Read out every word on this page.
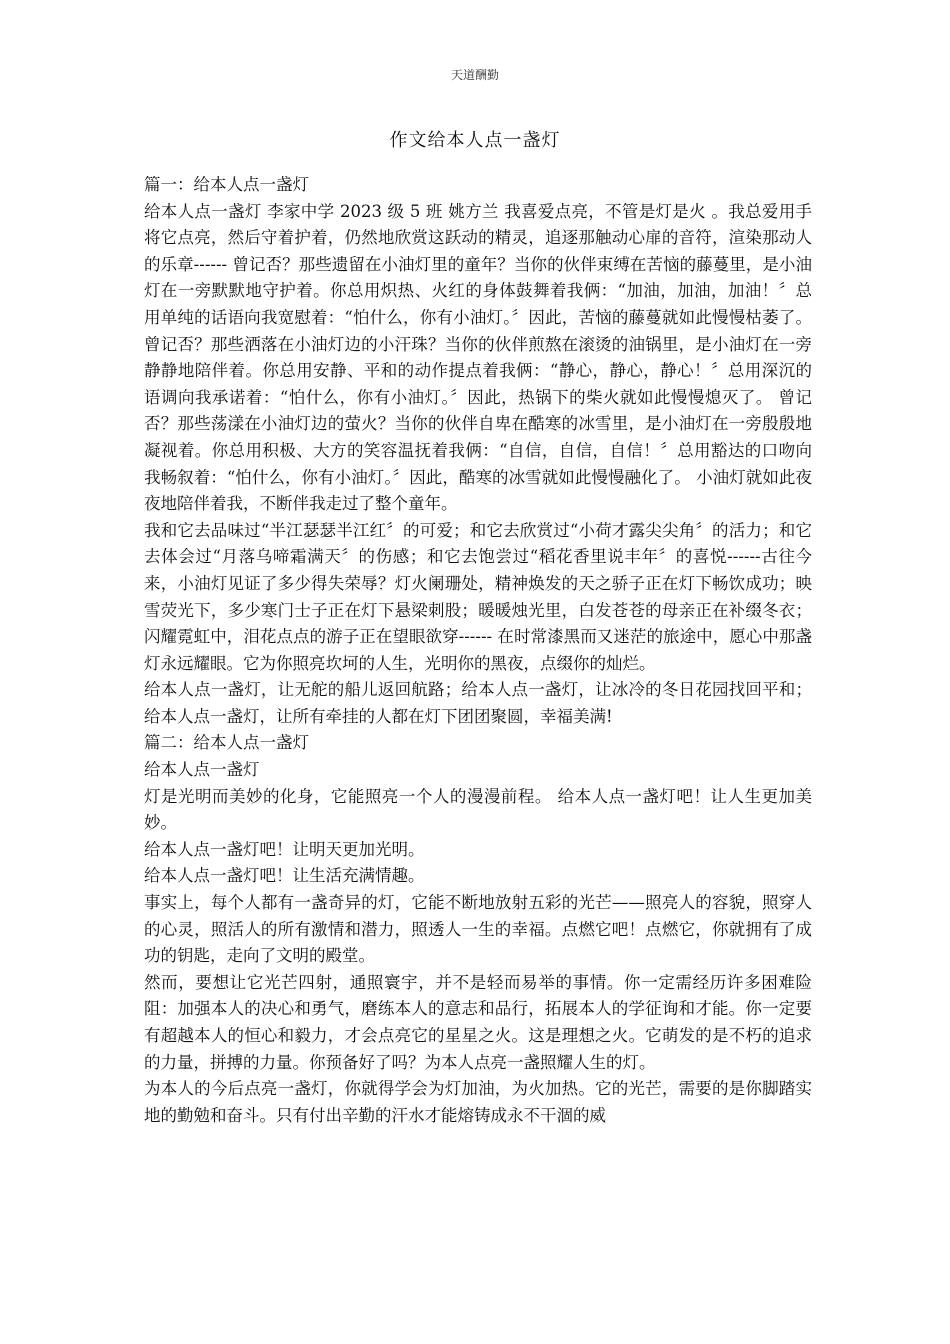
天道酬勤
作文给本人点一盏灯

篇一：给本人点一盏灯

给本人点一盏灯 李家中学 2023 级 5 班 姚方兰 我喜爱点亮，不管是灯是火 。我总爱用手将它点亮，然后守着护着，仍然地欣赏这跃动的精灵，追逐那触动心扉的音符，渲染那动人的乐章------ 曾记否？那些遗留在小油灯里的童年？当你的伙伴束缚在苦恼的藤蔓里，是小油灯在一旁默默地守护着。你总用炽热、火红的身体鼓舞着我俩：“加油，加油，加油！〞总用单纯的话语向我宽慰着：“怕什么，你有小油灯。〞因此，苦恼的藤蔓就如此慢慢枯萎了。 曾记否？那些洒落在小油灯边的小汗珠？当你的伙伴煎熬在滚烫的油锅里，是小油灯在一旁静静地陪伴着。你总用安静、平和的动作提点着我俩：“静心，静心，静心！〞总用深沉的语调向我承诺着：“怕什么，你有小油灯。〞因此，热锅下的柴火就如此慢慢熄灭了。 曾记否？那些荡漾在小油灯边的萤火？当你的伙伴自卑在酷寒的冰雪里，是小油灯在一旁殷殷地凝视着。你总用积极、大方的笑容温抚着我俩：“自信，自信，自信！〞总用豁达的口吻向我畅叙着：“怕什么，你有小油灯。〞因此，酷寒的冰雪就如此慢慢融化了。 小油灯就如此夜夜地陪伴着我，不断伴我走过了整个童年。

我和它去品味过“半江瑟瑟半江红〞的可爱；和它去欣赏过“小荷才露尖尖角〞的活力；和它去体会过“月落乌啼霜满天〞的伤感；和它去饱尝过“稻花香里说丰年〞的喜悦------古往今来，小油灯见证了多少得失荣辱？灯火阑珊处，精神焕发的天之骄子正在灯下畅饮成功；映雪荧光下，多少寒门士子正在灯下悬梁刺股；暖暖烛光里，白发苍苍的母亲正在补缀冬衣；闪耀霓虹中，泪花点点的游子正在望眼欲穿------ 在时常漆黑而又迷茫的旅途中，愿心中那盏灯永远耀眼。它为你照亮坎坷的人生，光明你的黑夜，点缀你的灿烂。

给本人点一盏灯，让无舵的船儿返回航路；给本人点一盏灯，让冰冷的冬日花园找回平和；给本人点一盏灯，让所有牵挂的人都在灯下团团聚圆，幸福美满!

篇二：给本人点一盏灯

给本人点一盏灯

灯是光明而美妙的化身，它能照亮一个人的漫漫前程。 给本人点一盏灯吧！让人生更加美妙。

给本人点一盏灯吧！让明天更加光明。

给本人点一盏灯吧！让生活充满情趣。

事实上，每个人都有一盏奇异的灯，它能不断地放射五彩的光芒——照亮人的容貌，照穿人的心灵，照活人的所有激情和潜力，照透人一生的幸福。点燃它吧！点燃它，你就拥有了成功的钥匙，走向了文明的殿堂。

然而，要想让它光芒四射，通照寰宇，并不是轻而易举的事情。你一定需经历许多困难险阻：加强本人的决心和勇气，磨练本人的意志和品行，拓展本人的学征询和才能。你一定要有超越本人的恒心和毅力，才会点亮它的星星之火。这是理想之火。它萌发的是不朽的追求的力量，拼搏的力量。你预备好了吗？为本人点亮一盏照耀人生的灯。

为本人的今后点亮一盏灯，你就得学会为灯加油，为火加热。它的光芒，需要的是你脚踏实地的勤勉和奋斗。只有付出辛勤的汗水才能熔铸成永不干涸的威
